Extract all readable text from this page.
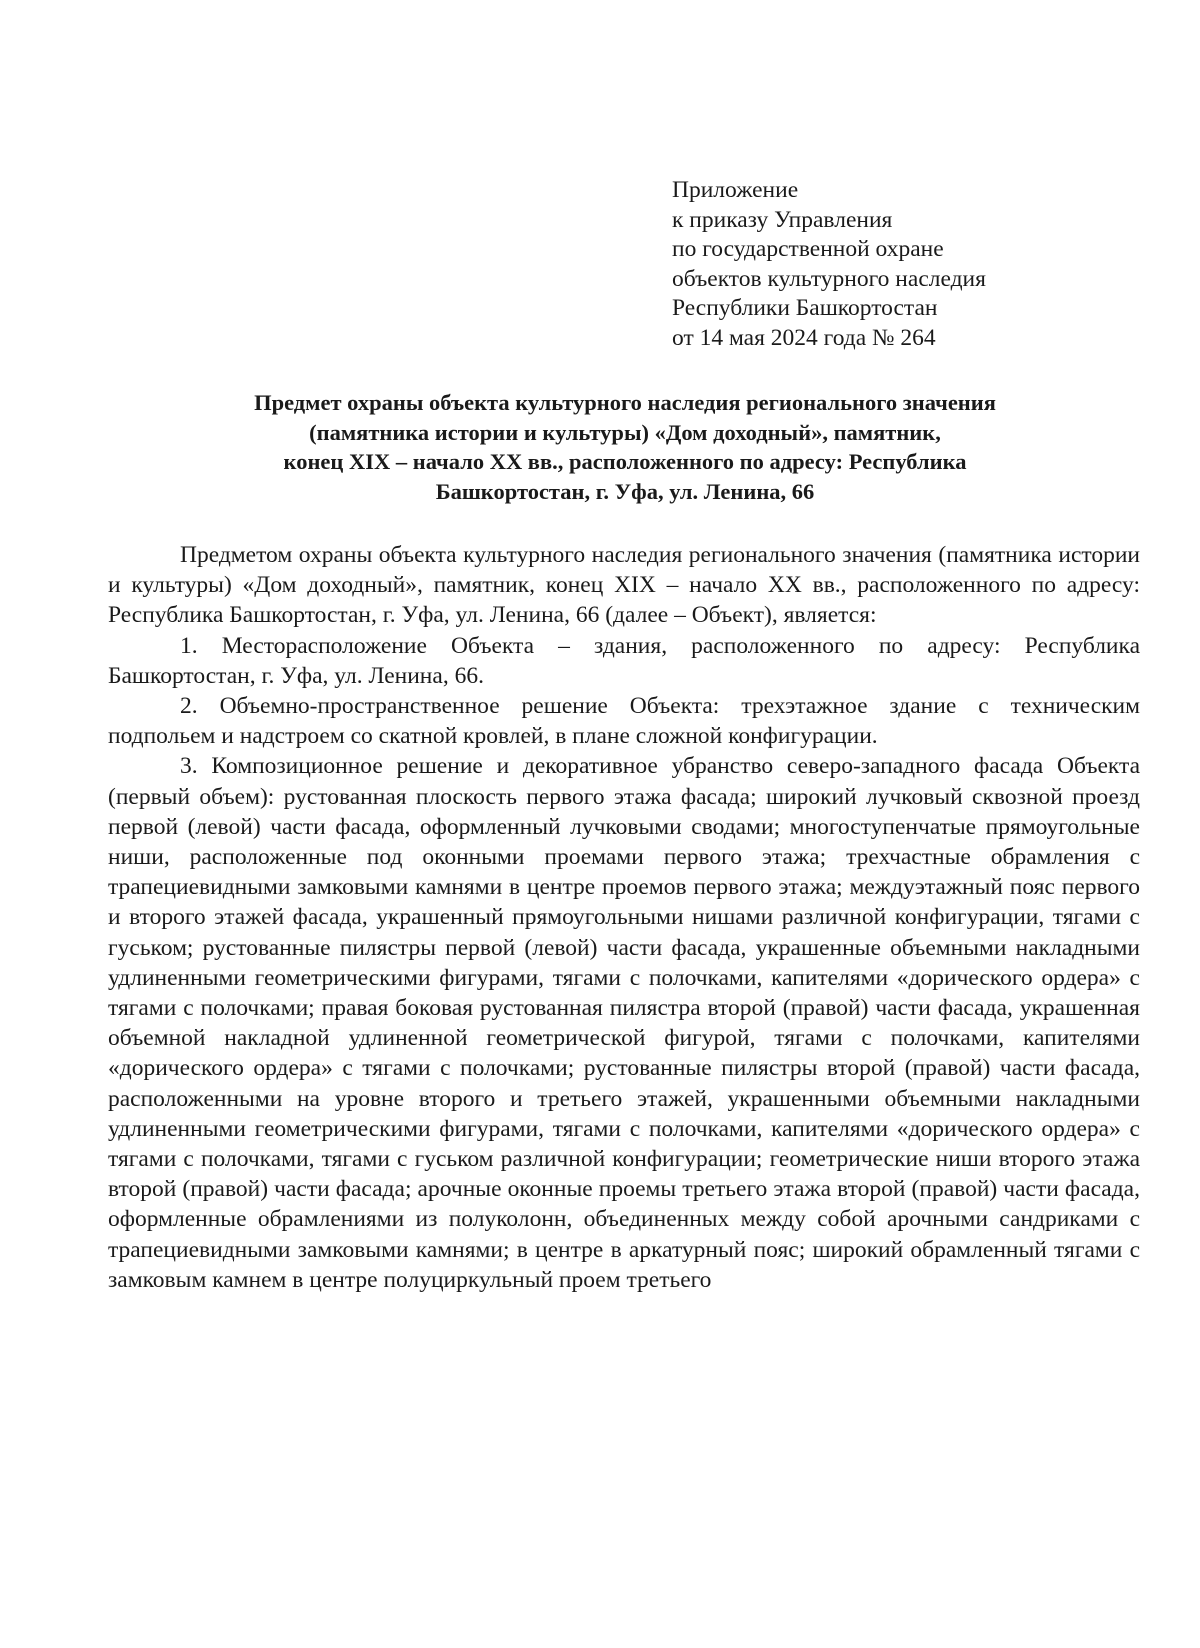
Приложение
к приказу Управления
по государственной охране
объектов культурного наследия
Республики Башкортостан
от 14 мая 2024 года № 264
Предмет охраны объекта культурного наследия регионального значения
(памятника истории и культуры) «Дом доходный», памятник,
конец XIX – начало XX вв., расположенного по адресу: Республика
Башкортостан, г. Уфа, ул. Ленина, 66

Предметом охраны объекта культурного наследия регионального значения (памятника истории и культуры) «Дом доходный», памятник, конец XIX – начало XX вв., расположенного по адресу: Республика Башкортостан, г. Уфа, ул. Ленина, 66 (далее – Объект), является:

1. Месторасположение Объекта – здания, расположенного по адресу: Республика Башкортостан, г. Уфа, ул. Ленина, 66.

2. Объемно-пространственное решение Объекта: трехэтажное здание с техническим подпольем и надстроем со скатной кровлей, в плане сложной конфигурации.

3. Композиционное решение и декоративное убранство северо-западного фасада Объекта (первый объем): рустованная плоскость первого этажа фасада; широкий лучковый сквозной проезд первой (левой) части фасада, оформленный лучковыми сводами; многоступенчатые прямоугольные ниши, расположенные под оконными проемами первого этажа; трехчастные обрамления с трапециевидными замковыми камнями в центре проемов первого этажа; междуэтажный пояс первого и второго этажей фасада, украшенный прямоугольными нишами различной конфигурации, тягами с гуськом; рустованные пилястры первой (левой) части фасада, украшенные объемными накладными удлиненными геометрическими фигурами, тягами с полочками, капителями «дорического ордера» с тягами с полочками; правая боковая рустованная пилястра второй (правой) части фасада, украшенная объемной накладной удлиненной геометрической фигурой, тягами с полочками, капителями «дорического ордера» с тягами с полочками; рустованные пилястры второй (правой) части фасада, расположенными на уровне второго и третьего этажей, украшенными объемными накладными удлиненными геометрическими фигурами, тягами с полочками, капителями «дорического ордера» с тягами с полочками, тягами с гуськом различной конфигурации; геометрические ниши второго этажа второй (правой) части фасада; арочные оконные проемы третьего этажа второй (правой) части фасада, оформленные обрамлениями из полуколонн, объединенных между собой арочными сандриками с трапециевидными замковыми камнями; в центре в аркатурный пояс; широкий обрамленный тягами с замковым камнем в центре полуциркульный проем третьего
